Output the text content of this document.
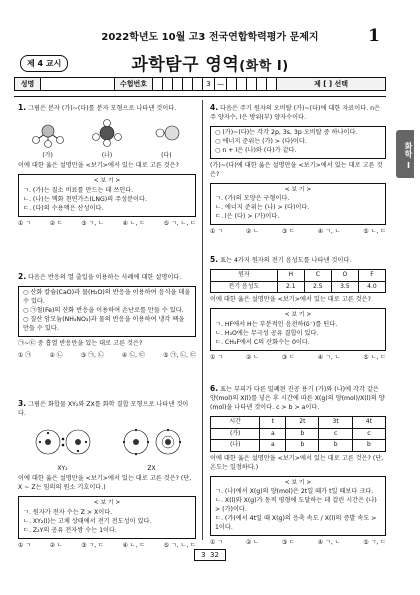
2022학년도 10월 고3 전국연합학력평가 문제지	1
제 4 교시	과학탐구 영역(화학 Ⅰ)
성명	수험번호	3 —	제 [ ] 선택
화학 Ⅰ

1. 그림은 분자 (가)~(다)를 분자 모형으로 나타낸 것이다.

(가)	(나)	(다)

이에 대한 옳은 설명만을 <보기>에서 있는 대로 고른 것은?

< 보 기 >
ㄱ. (가)는 질소 비료를 만드는 데 쓰인다.
ㄴ. (나)는 액화 천연가스(LNG)의 주성분이다.
ㄷ. (다)의 수용액은 산성이다.
① ㄱ	② ㄷ	③ ㄱ, ㄴ	④ ㄴ, ㄷ	⑤ ㄱ, ㄴ, ㄷ

2. 다음은 반응의 열 출입을 이용하는 사례에 대한 설명이다.

○ 산화 칼슘(CaO)과 물(H₂O)의 반응을 이용하여 음식을 데울 수 있다.
○ ㉠철(Fe)의 산화 반응을 이용하여 손난로를 만들 수 있다.
○ 질산 암모늄(NH₄NO₃)과 물의 반응을 이용하여 냉각 팩을 만들 수 있다.

㉠~㉢ 중 흡열 반응만을 있는 대로 고른 것은?

① ㉠	② ㉡	③ ㉠, ㉡	④ ㉡, ㉢	⑤ ㉠, ㉡, ㉢

3. 그림은 화합물 XY₂와 ZX를 화학 결합 모형으로 나타낸 것이다.

XY₂	ZX

이에 대한 옳은 설명만을 <보기>에서 있는 대로 고른 것은? (단, X ~ Z는 임의의 원소 기호이다.)

< 보 기 >
ㄱ. 원자가 전자 수는 Z > X이다.
ㄴ. XY₂(l)는 고체 상태에서 전기 전도성이 있다.
ㄷ. Z₂Y의 공유 전자쌍 수는 1이다.
① ㄱ	② ㄴ	③ ㄱ, ㄷ	④ ㄴ, ㄷ	⑤ ㄱ, ㄴ, ㄷ

4. 다음은 주기 원자의 오비탈 (가)~(다)에 대한 자료이다. n은 주 양자수, l은 방위(부) 양자수이다.

○ (가)~(다)는 각각 2p, 3s, 3p 오비탈 중 하나이다.
○ 에너지 준위는 (가) > (다)이다.
○ n + l은 (나)와 (다)가 같다.

(가)~(다)에 대한 옳은 설명만을 <보기>에서 있는 대로 고른 것은?

< 보 기 >
ㄱ. (가)의 모양은 구형이다.
ㄴ. 에너지 준위는 (나) > (다)이다.
ㄷ. l은 (다) > (가)이다.
① ㄱ	② ㄴ	③ ㄷ	④ ㄱ, ㄴ	⑤ ㄴ, ㄷ

5. 표는 4가지 원자의 전기 음성도를 나타낸 것이다.

원자	H	C	O	F
전기 음성도	2.1	2.5	3.5	4.0

이에 대한 옳은 설명만을 <보기>에서 있는 대로 고른 것은?

< 보 기 >
ㄱ. HF에서 H는 부분적인 음전하(δ⁻)를 띤다.
ㄴ. H₂O에는 무극성 공유 결합이 있다.
ㄷ. CH₃F에서 C의 산화수는 0이다.
① ㄱ	② ㄴ	③ ㄷ	④ ㄱ, ㄴ	⑤ ㄴ, ㄷ

6. 표는 부피가 다른 밀폐된 진공 용기 (가)와 (나)에 각각 같은 양(mol)의 X(l)를 넣은 후 시간에 따른 X(g)의 양(mol)/X(l)의 양(mol)을 나타낸 것이다. c > b > a이다.

시간	t	2t	3t	4t
(가)	a	b	c	c
(나)	a	b	b	b

이에 대한 옳은 설명만을 <보기>에서 있는 대로 고른 것은? (단, 온도는 일정하다.)

< 보 기 >
ㄱ. (나)에서 X(g)의 양(mol)은 2t일 때가 t일 때보다 크다.
ㄴ. X(l)와 X(g)가 동적 평형에 도달하는 데 걸린 시간은 (나) > (가)이다.
ㄷ. (가)에서 4t일 때 X(g)의 응축 속도 / X(l)의 증발 속도 > 1이다.
① ㄱ	② ㄴ	③ ㄷ	④ ㄱ, ㄴ	⑤ ㄱ, ㄷ
3 32
